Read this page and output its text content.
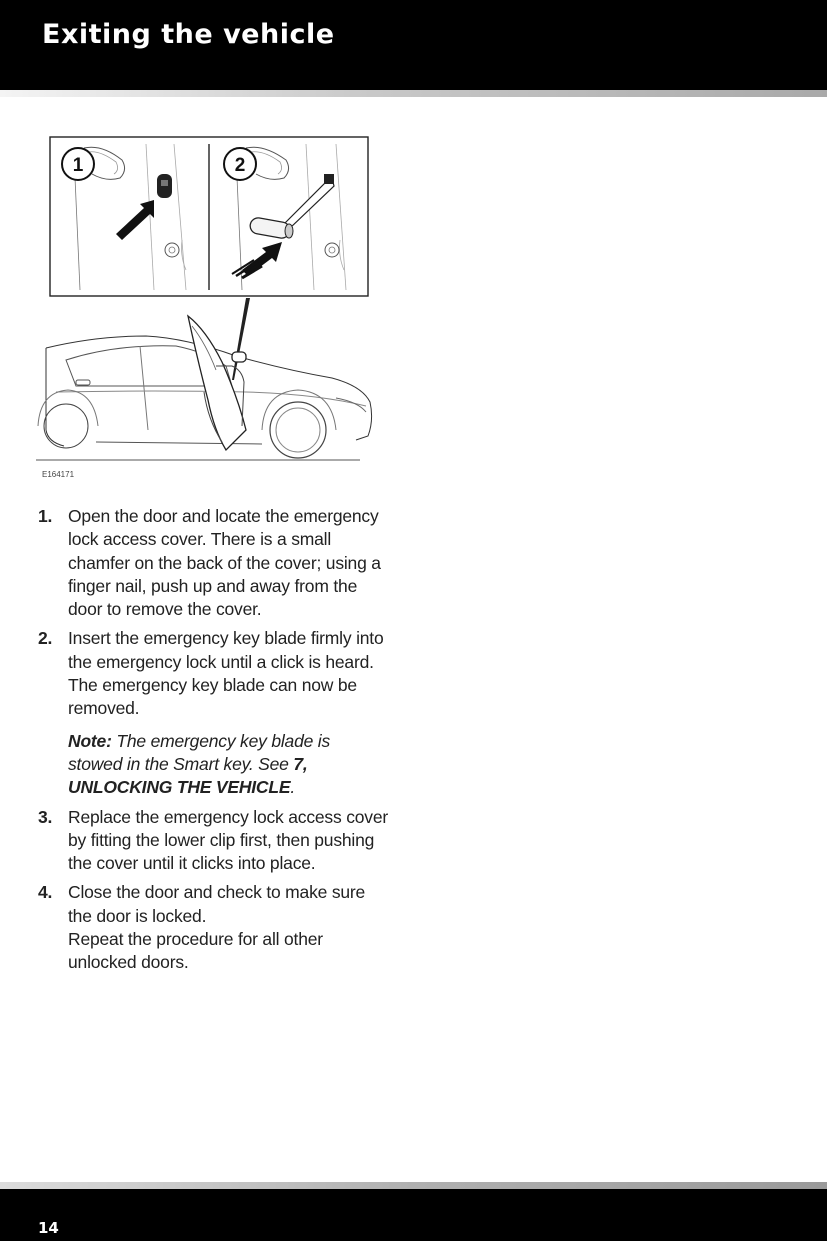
Exiting the vehicle
1	2
E164171
1. Open the door and locate the emergency lock access cover. There is a small chamfer on the back of the cover; using a finger nail, push up and away from the door to remove the cover.
2. Insert the emergency key blade firmly into the emergency lock until a click is heard. The emergency key blade can now be removed.
Note: The emergency key blade is stowed in the Smart key. See 7, UNLOCKING THE VEHICLE.
3. Replace the emergency lock access cover by fitting the lower clip first, then pushing the cover until it clicks into place.
4. Close the door and check to make sure the door is locked.
Repeat the procedure for all other unlocked doors.
14
